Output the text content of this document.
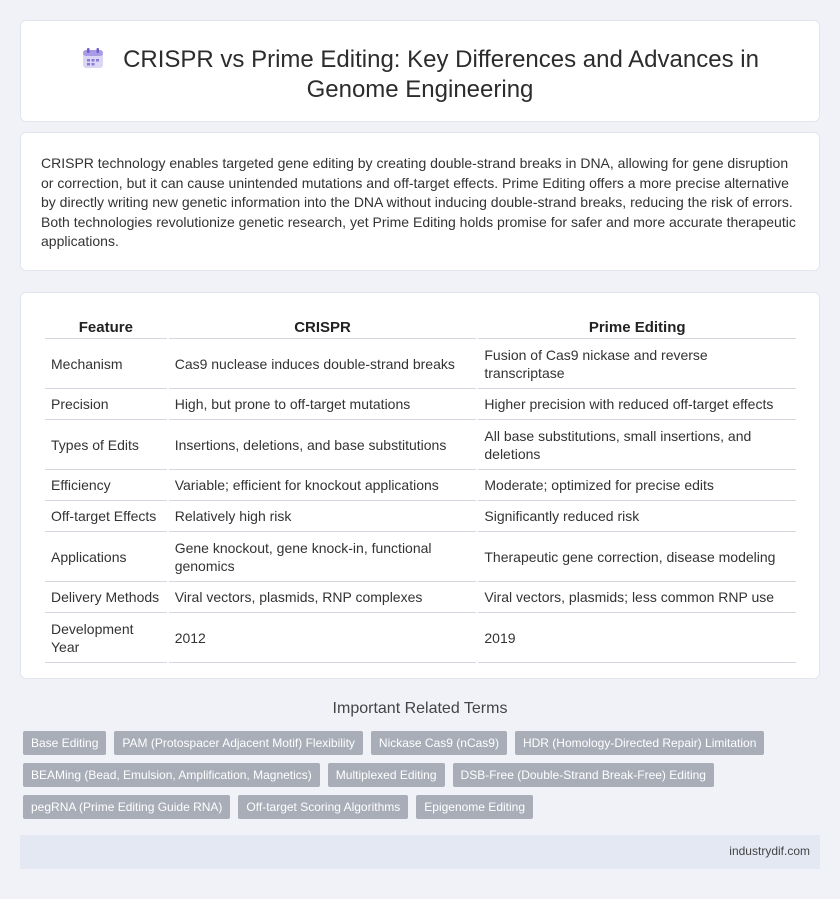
CRISPR vs Prime Editing: Key Differences and Advances in Genome Engineering

CRISPR technology enables targeted gene editing by creating double-strand breaks in DNA, allowing for gene disruption or correction, but it can cause unintended mutations and off-target effects. Prime Editing offers a more precise alternative by directly writing new genetic information into the DNA without inducing double-strand breaks, reducing the risk of errors. Both technologies revolutionize genetic research, yet Prime Editing holds promise for safer and more accurate therapeutic applications.

Feature	CRISPR	Prime Editing
Mechanism	Cas9 nuclease induces double-strand breaks	Fusion of Cas9 nickase and reverse transcriptase
Precision	High, but prone to off-target mutations	Higher precision with reduced off-target effects
Types of Edits	Insertions, deletions, and base substitutions	All base substitutions, small insertions, and deletions
Efficiency	Variable; efficient for knockout applications	Moderate; optimized for precise edits
Off-target Effects	Relatively high risk	Significantly reduced risk
Applications	Gene knockout, gene knock-in, functional genomics	Therapeutic gene correction, disease modeling
Delivery Methods	Viral vectors, plasmids, RNP complexes	Viral vectors, plasmids; less common RNP use
Development Year	2012	2019
Important Related Terms
Base Editing	PAM (Protospacer Adjacent Motif) Flexibility	Nickase Cas9 (nCas9)	HDR (Homology-Directed Repair) Limitation
BEAMing (Bead, Emulsion, Amplification, Magnetics)	Multiplexed Editing	DSB-Free (Double-Strand Break-Free) Editing
pegRNA (Prime Editing Guide RNA)	Off-target Scoring Algorithms	Epigenome Editing
industrydif.com
